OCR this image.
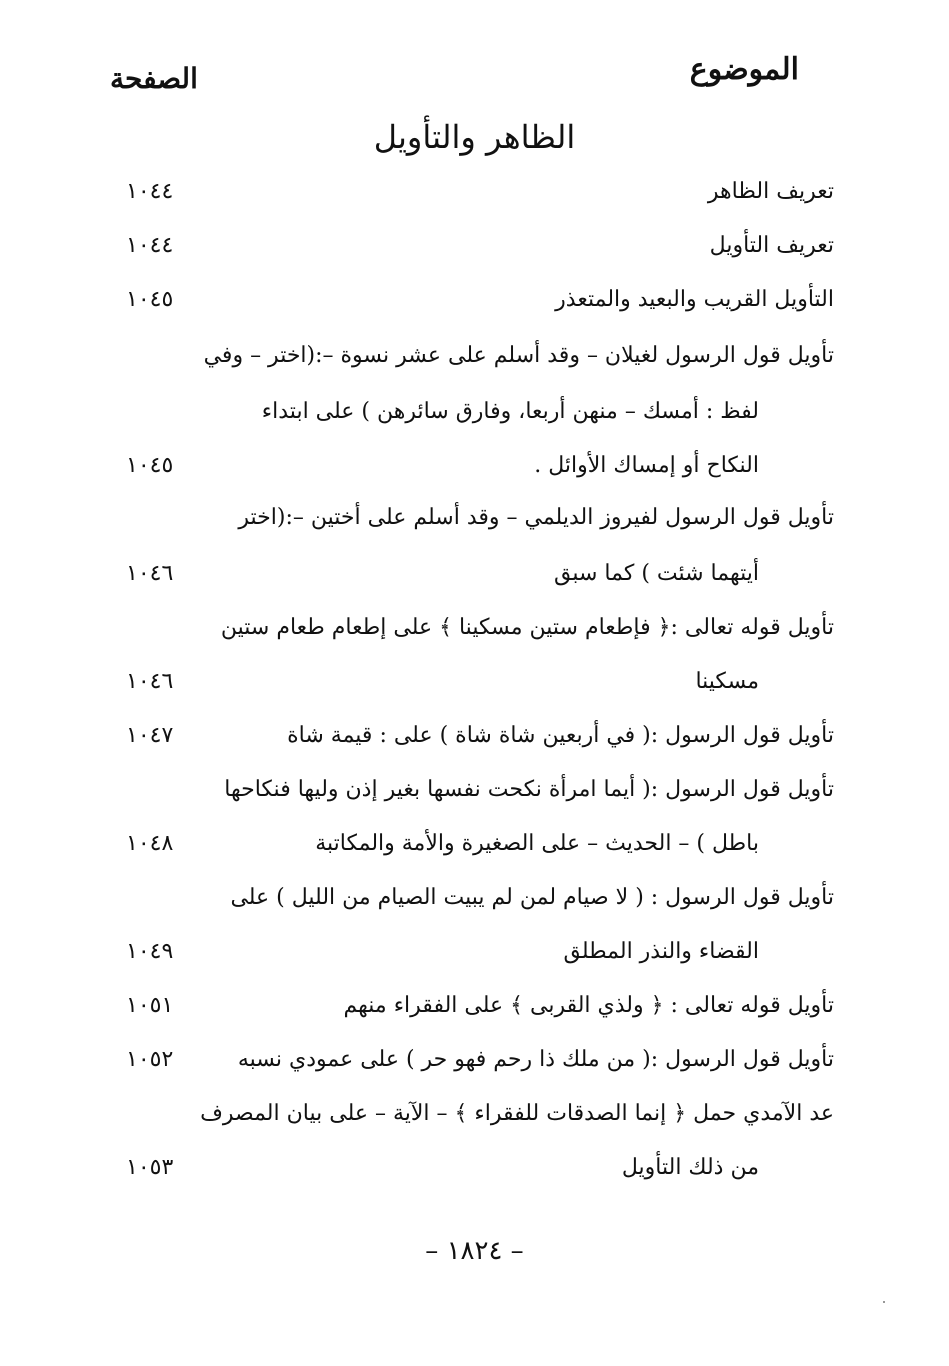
الموضوع
الصفحة
الظاهر والتأويل
تعريف الظاهر
١٠٤٤
تعريف التأويل
١٠٤٤
التأويل القريب والبعيد والمتعذر
١٠٤٥
تأويل قول الرسول لغيلان – وقد أسلم على عشر نسوة –:(اختر – وفي
لفظ : أمسك – منهن أربعا، وفارق سائرهن ) على ابتداء
النكاح أو إمساك الأوائل .
١٠٤٥
تأويل قول الرسول لفيروز الديلمي – وقد أسلم على أختين –:(اختر
أيتهما شئت ) كما سبق
١٠٤٦
تأويل قوله تعالى :﴿ فإطعام ستين مسكينا ﴾ على إطعام طعام ستين
مسكينا
١٠٤٦
تأويل قول الرسول :( في أربعين شاة شاة ) على : قيمة شاة
١٠٤٧
تأويل قول الرسول :( أيما امرأة نكحت نفسها بغير إذن وليها فنكاحها
باطل ) – الحديث – على الصغيرة والأمة والمكاتبة
١٠٤٨
تأويل قول الرسول : ( لا صيام لمن لم يبيت الصيام من الليل ) على
القضاء والنذر المطلق
١٠٤٩
تأويل قوله تعالى : ﴿ ولذي القربى ﴾ على الفقراء منهم
١٠٥١
تأويل قول الرسول :( من ملك ذا رحم فهو حر ) على عمودي نسبه
١٠٥٢
عد الآمدي حمل ﴿ إنما الصدقات للفقراء ﴾ – الآية – على بيان المصرف
من ذلك التأويل
١٠٥٣
– ١٨٢٤ –
